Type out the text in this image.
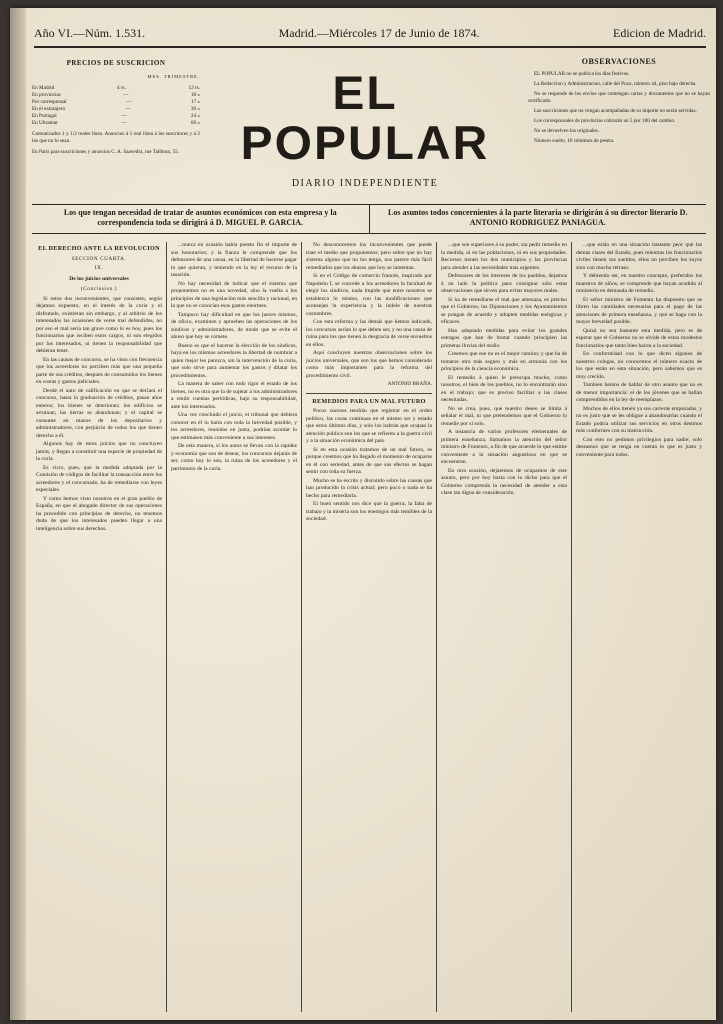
Año VI.—Núm. 1.531.	Madrid.—Miércoles 17 de Junio de 1874.	Edicion de Madrid.
PRECIOS DE SUSCRICION
MES. TRIMESTRE.
En Madrid	4 rs.	12 rs.
En provincias	—	18 »
Por corresponsal	—	17 »
En el extranjero	—	30 »
En Portugal	—	24 »
En Ultramar	—	60 »

Comunicados 1 y 1/2 reales línea. Anuncios á 1 real línea á los suscritores y á 2 los que no lo sean.

En Paris para suscriciones y anuncios C. A. Saavedra, rue Taitbout, 55.

EL POPULAR
DIARIO INDEPENDIENTE
OBSERVACIONES

EL POPULAR no se publica los dias festivos.

La Redaccion y Administracion, calle del Pozo, número 44, piso bajo derecha.

No se responde de los envíos que contengan cartas y documentos que no se hayan certificado.

Las suscriciones que no vengan acompañadas de su importe no serán servidas.

Los corresponsales de provincias cobrarán un 5 por 100 del cambio.

No se devuelven los originales.

Número suelto, 10 céntimos de peseta.

Los que tengan necesidad de tratar de asuntos económicos con esta empresa y la correspondencia toda se dirigirá á D. MIGUEL P. GARCIA.
Los asuntos todos concernientes á la parte literaria se dirigirán á su director literario D. ANTONIO RODRIGUEZ PANIAGUA.
EL DERECHO ANTE LA REVOLUCION
SECCION CUARTA.
IX.
De los juicios universales
(Conclusion.)

Si estos dos inconvenientes, que consisten, según dejamos expuesto, en el interés de la curia y el disfrutado, existieran sin embargo, y al arbitrio de los interesados las ocasiones de verse mal defendidos, no por eso el mal sería tan grave como lo es hoy, pues los funcionarios que reciben estos cargos, ni son elegidos por los interesados, ni tienen la responsabilidad que debieran tener.

En las causas de concurso, se ha visto con frecuencia que los acreedores no perciben más que una pequeña parte de sus créditos, después de consumidos los bienes en costas y gastos judiciales.

Desde el auto de calificación en que se declara el concurso, hasta la graduación de créditos, pasan años enteros; los bienes se deterioran; los edificios se arruinan; las tierras se abandonan; y el capital se consume en manos de los depositarios y administradores, con perjuicio de todos los que tienen derecho a él.

Algunos hay de estos juicios que no concluyen jamás, y llegan a constituir una especie de propiedad de la curia.

Es vicio, pues, que la medida adoptada por la Comisión de códigos de facilitar la transacción entre los acreedores y el concursado, ha de remediarse con leyes especiales.

Y como hemos visto nosotros en el gran pueblo de España, en que el abogado director de sus operaciones ha procedido con principios de derecho, no tenemos duda de que los interesados pueden llegar a una inteligencia sobre sus derechos.

...nunca en ocasión había puesto fin el importe de sus honorarios; y la fianza le comprende que los defensores de una causa, en la libertad de hacerse pagar lo que quieran, y teniendo en la ley el recurso de la tasación.

No hay necesidad de indicar que el sistema que proponemos no es una novedad, sino la vuelta a los principios de una legislación más sencilla y racional, en la que no se conocían esos gastos enormes.

Tampoco hay dificultad en que los jueces mismos, de oficio, examinen y aprueben las operaciones de los síndicos y administradores, de modo que se evite el abuso que hoy se comete.

Bueno es que el hacerse la elección de los síndicos, haya en los mismos acreedores la libertad de nombrar a quien mejor les parezca, sin la intervención de la curia, que solo sirve para aumentar los gastos y dilatar los procedimientos.

La manera de saber con todo rigor el estado de los bienes, no es otra que la de sujetar a los administradores a rendir cuentas periódicas, bajo su responsabilidad, ante los interesados.

Una vez concluido el juicio, el tribunal que debiera conocer en él lo haría con toda la brevedad posible, y los acreedores, reunidos en junta, podrían acordar lo que estimasen más conveniente a sus intereses.

De esta manera, si los autos se llevan con la rapidez y economía que son de desear, los concursos dejarán de ser, como hoy lo son, la ruina de los acreedores y el patrimonio de la curia.

No desconocemos los inconvenientes que puede traer el medio que proponemos; pero sobre que no hay sistema alguno que no los tenga, nos parece más fácil remediarlos que los abusos que hoy se lamentan.

Si en el Código de comercio francés, inspirado por Napoleón I, se concede a los acreedores la facultad de elegir los síndicos, nada impide que entre nosotros se establezca lo mismo, con las modificaciones que aconsejan la experiencia y la índole de nuestras costumbres.

Con esta reforma y las demás que hemos indicado, los concursos serían lo que deben ser, y no una causa de ruina para los que tienen la desgracia de verse envueltos en ellos.

Aquí concluyen nuestras observaciones sobre los juicios universales, que son los que hemos considerado como más importantes para la reforma del procedimiento civil.

ANTONIO BRAÑA.
REMEDIOS PARA UN MAL FUTURO

Pocos sucesos tendrán que registrar en el orden político, las cosas contínuas en el mismo ser y estado que estos últimos días, y solo los habrán que ocupan la atención pública son los que se refieren a la guerra civil y a la situación económica del país.

Si en esta ocasión tratamos de un mal futuro, es porque creemos que ha llegado el momento de ocuparse en él con seriedad, antes de que sus efectos se hagan sentir con toda su fuerza.

Mucho se ha escrito y discutido sobre las causas que han producido la crisis actual; pero poco o nada se ha hecho para remediarla.

El buen sentido nos dice que la guerra, la falta de trabajo y la miseria son los enemigos más temibles de la sociedad.

...que son superiores á su poder, sin pedir remedio en la medida, ni en las poblaciones, ni en sus propiedades. Recursos tienen los dos municipios y las provincias para atender a las necesidades más urgentes.

Defensores de los intereses de los pueblos, dejamos á un lado la política para consignar sólo estas observaciones que sirven para evitar mayores males.

Si ha de remediarse el mal que amenaza, es preciso que el Gobierno, las Diputaciones y los Ayuntamientos se pongan de acuerdo y adopten medidas enérgicas y eficaces.

Han adoptado medidas para evitar los grandes estragos que han de brotar cuando principien las primeras lluvias del otoño.

Creemos que ese no es el mejor camino; y que ha de tomarse otro más seguro y más en armonía con los principios de la ciencia económica.

El remedio á quien le preocupa mucho, como nosotros, el bien de los pueblos, no lo encontrarán sino en el trabajo; que es preciso facilitar a las clases necesitadas.

No se crea, pues, que nuestro deseo se limita á señalar el mal, ni que pretendemos que el Gobierno lo remedie por sí solo.

A instancia de varios profesores elementales de primera enseñanza, llamamos la atención del señor ministro de Fomento, a fin de que acuerde lo que estime conveniente a la situación angustiosa en que se encuentran.

En otra ocasión, dejaremos de ocuparnos de este asunto, pero por hoy basta con lo dicho para que el Gobierno comprenda la necesidad de atender a esta clase tan digna de consideración.

...que están en una situación bastante peor que las demás clases del Estado, pues mientras los funcionarios civiles tienen sus sueldos, ellos no perciben los suyos sino con mucho retraso.

Y debiendo ser, en nuestro concepto, preferidos los maestros de niños, se comprende que hayan acudido al ministerio en demanda de remedio.

El señor ministro de Fomento ha dispuesto que se libren las cantidades necesarias para el pago de las atenciones de primera enseñanza, y que se haga con la mayor brevedad posible.

Quizá no sea bastante esta medida, pero es de esperar que el Gobierno no se olvide de estos modestos funcionarios que tanto bien hacen a la sociedad.

En conformidad con lo que dicen algunos de nuestros colegas, no conocemos el número exacto de los que están en esta situación, pero sabemos que es muy crecido.

Tambien hemos de hablar de otro asunto que no es de menor importancia: el de los jóvenes que se hallan comprendidos en la ley de reemplazos.

Muchos de ellos tienen ya sus carreras empezadas, y no es justo que se les obligue a abandonarlas cuando el Estado podría utilizar sus servicios en otros destinos más conformes con su instrucción.

Con esto no pedimos privilegios para nadie; solo deseamos que se tenga en cuenta lo que es justo y conveniente para todos.
